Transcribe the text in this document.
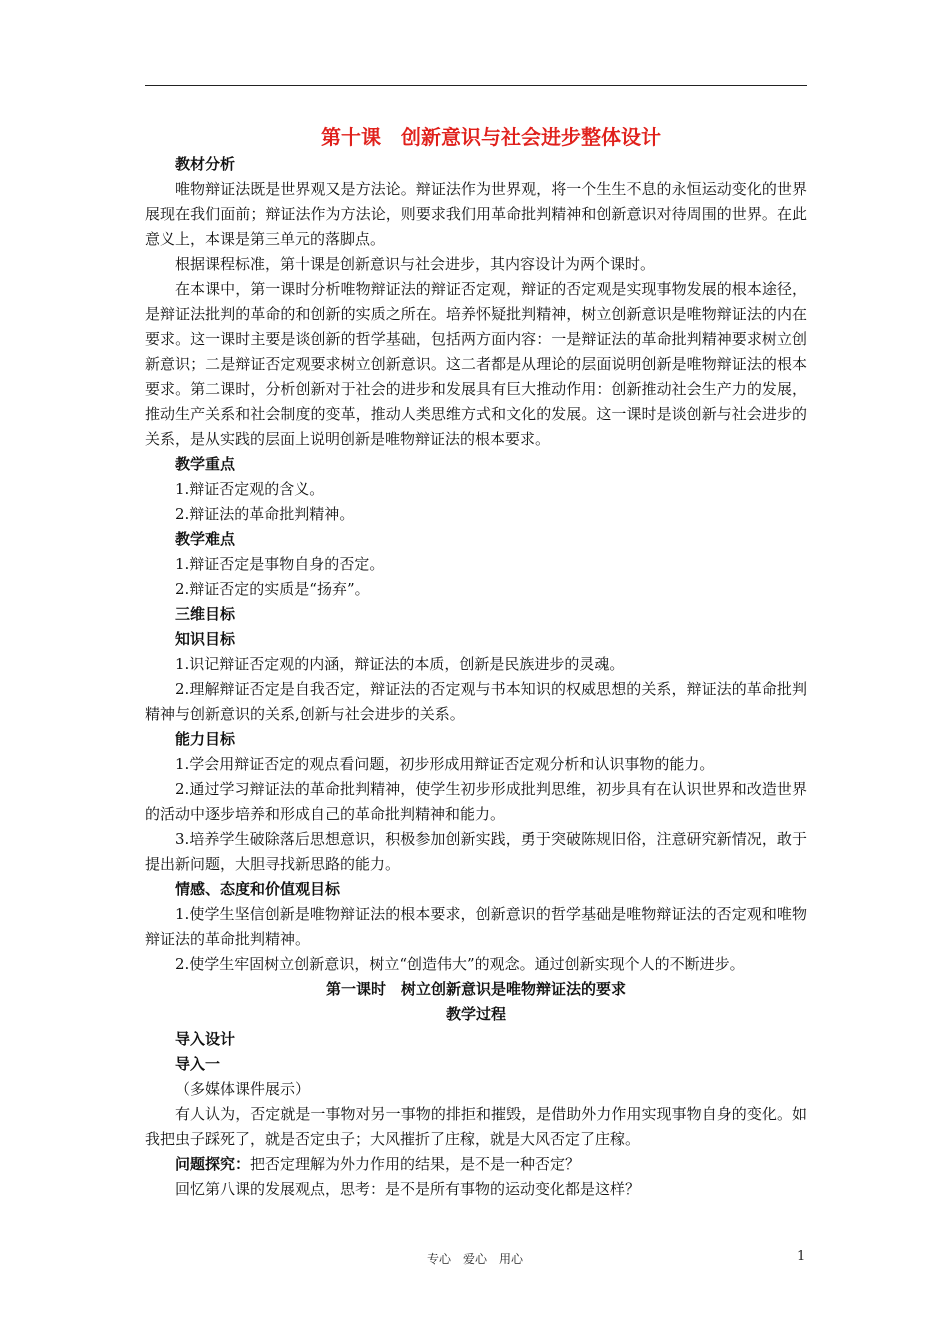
第十课　创新意识与社会进步整体设计

教材分析

唯物辩证法既是世界观又是方法论。辩证法作为世界观，将一个生生不息的永恒运动变化的世界展现在我们面前；辩证法作为方法论，则要求我们用革命批判精神和创新意识对待周围的世界。在此意义上，本课是第三单元的落脚点。

根据课程标准，第十课是创新意识与社会进步，其内容设计为两个课时。

在本课中，第一课时分析唯物辩证法的辩证否定观，辩证的否定观是实现事物发展的根本途径，是辩证法批判的革命的和创新的实质之所在。培养怀疑批判精神，树立创新意识是唯物辩证法的内在要求。这一课时主要是谈创新的哲学基础，包括两方面内容：一是辩证法的革命批判精神要求树立创新意识；二是辩证否定观要求树立创新意识。这二者都是从理论的层面说明创新是唯物辩证法的根本要求。第二课时，分析创新对于社会的进步和发展具有巨大推动作用：创新推动社会生产力的发展，推动生产关系和社会制度的变革，推动人类思维方式和文化的发展。这一课时是谈创新与社会进步的关系，是从实践的层面上说明创新是唯物辩证法的根本要求。

教学重点

1.辩证否定观的含义。

2.辩证法的革命批判精神。

教学难点

1.辩证否定是事物自身的否定。

2.辩证否定的实质是“扬弃”。

三维目标

知识目标

1.识记辩证否定观的内涵，辩证法的本质，创新是民族进步的灵魂。

2.理解辩证否定是自我否定，辩证法的否定观与书本知识的权威思想的关系，辩证法的革命批判精神与创新意识的关系,创新与社会进步的关系。

能力目标

1.学会用辩证否定的观点看问题，初步形成用辩证否定观分析和认识事物的能力。

2.通过学习辩证法的革命批判精神，使学生初步形成批判思维，初步具有在认识世界和改造世界的活动中逐步培养和形成自己的革命批判精神和能力。

3.培养学生破除落后思想意识，积极参加创新实践，勇于突破陈规旧俗，注意研究新情况，敢于提出新问题，大胆寻找新思路的能力。

情感、态度和价值观目标

1.使学生坚信创新是唯物辩证法的根本要求，创新意识的哲学基础是唯物辩证法的否定观和唯物辩证法的革命批判精神。

2.使学生牢固树立创新意识，树立“创造伟大”的观念。通过创新实现个人的不断进步。

第一课时　树立创新意识是唯物辩证法的要求

教学过程

导入设计

导入一

（多媒体课件展示）

有人认为，否定就是一事物对另一事物的排拒和摧毁，是借助外力作用实现事物自身的变化。如我把虫子踩死了，就是否定虫子；大风摧折了庄稼，就是大风否定了庄稼。

问题探究：把否定理解为外力作用的结果，是不是一种否定？

回忆第八课的发展观点，思考：是不是所有事物的运动变化都是这样？

专心　爱心　用心	1
